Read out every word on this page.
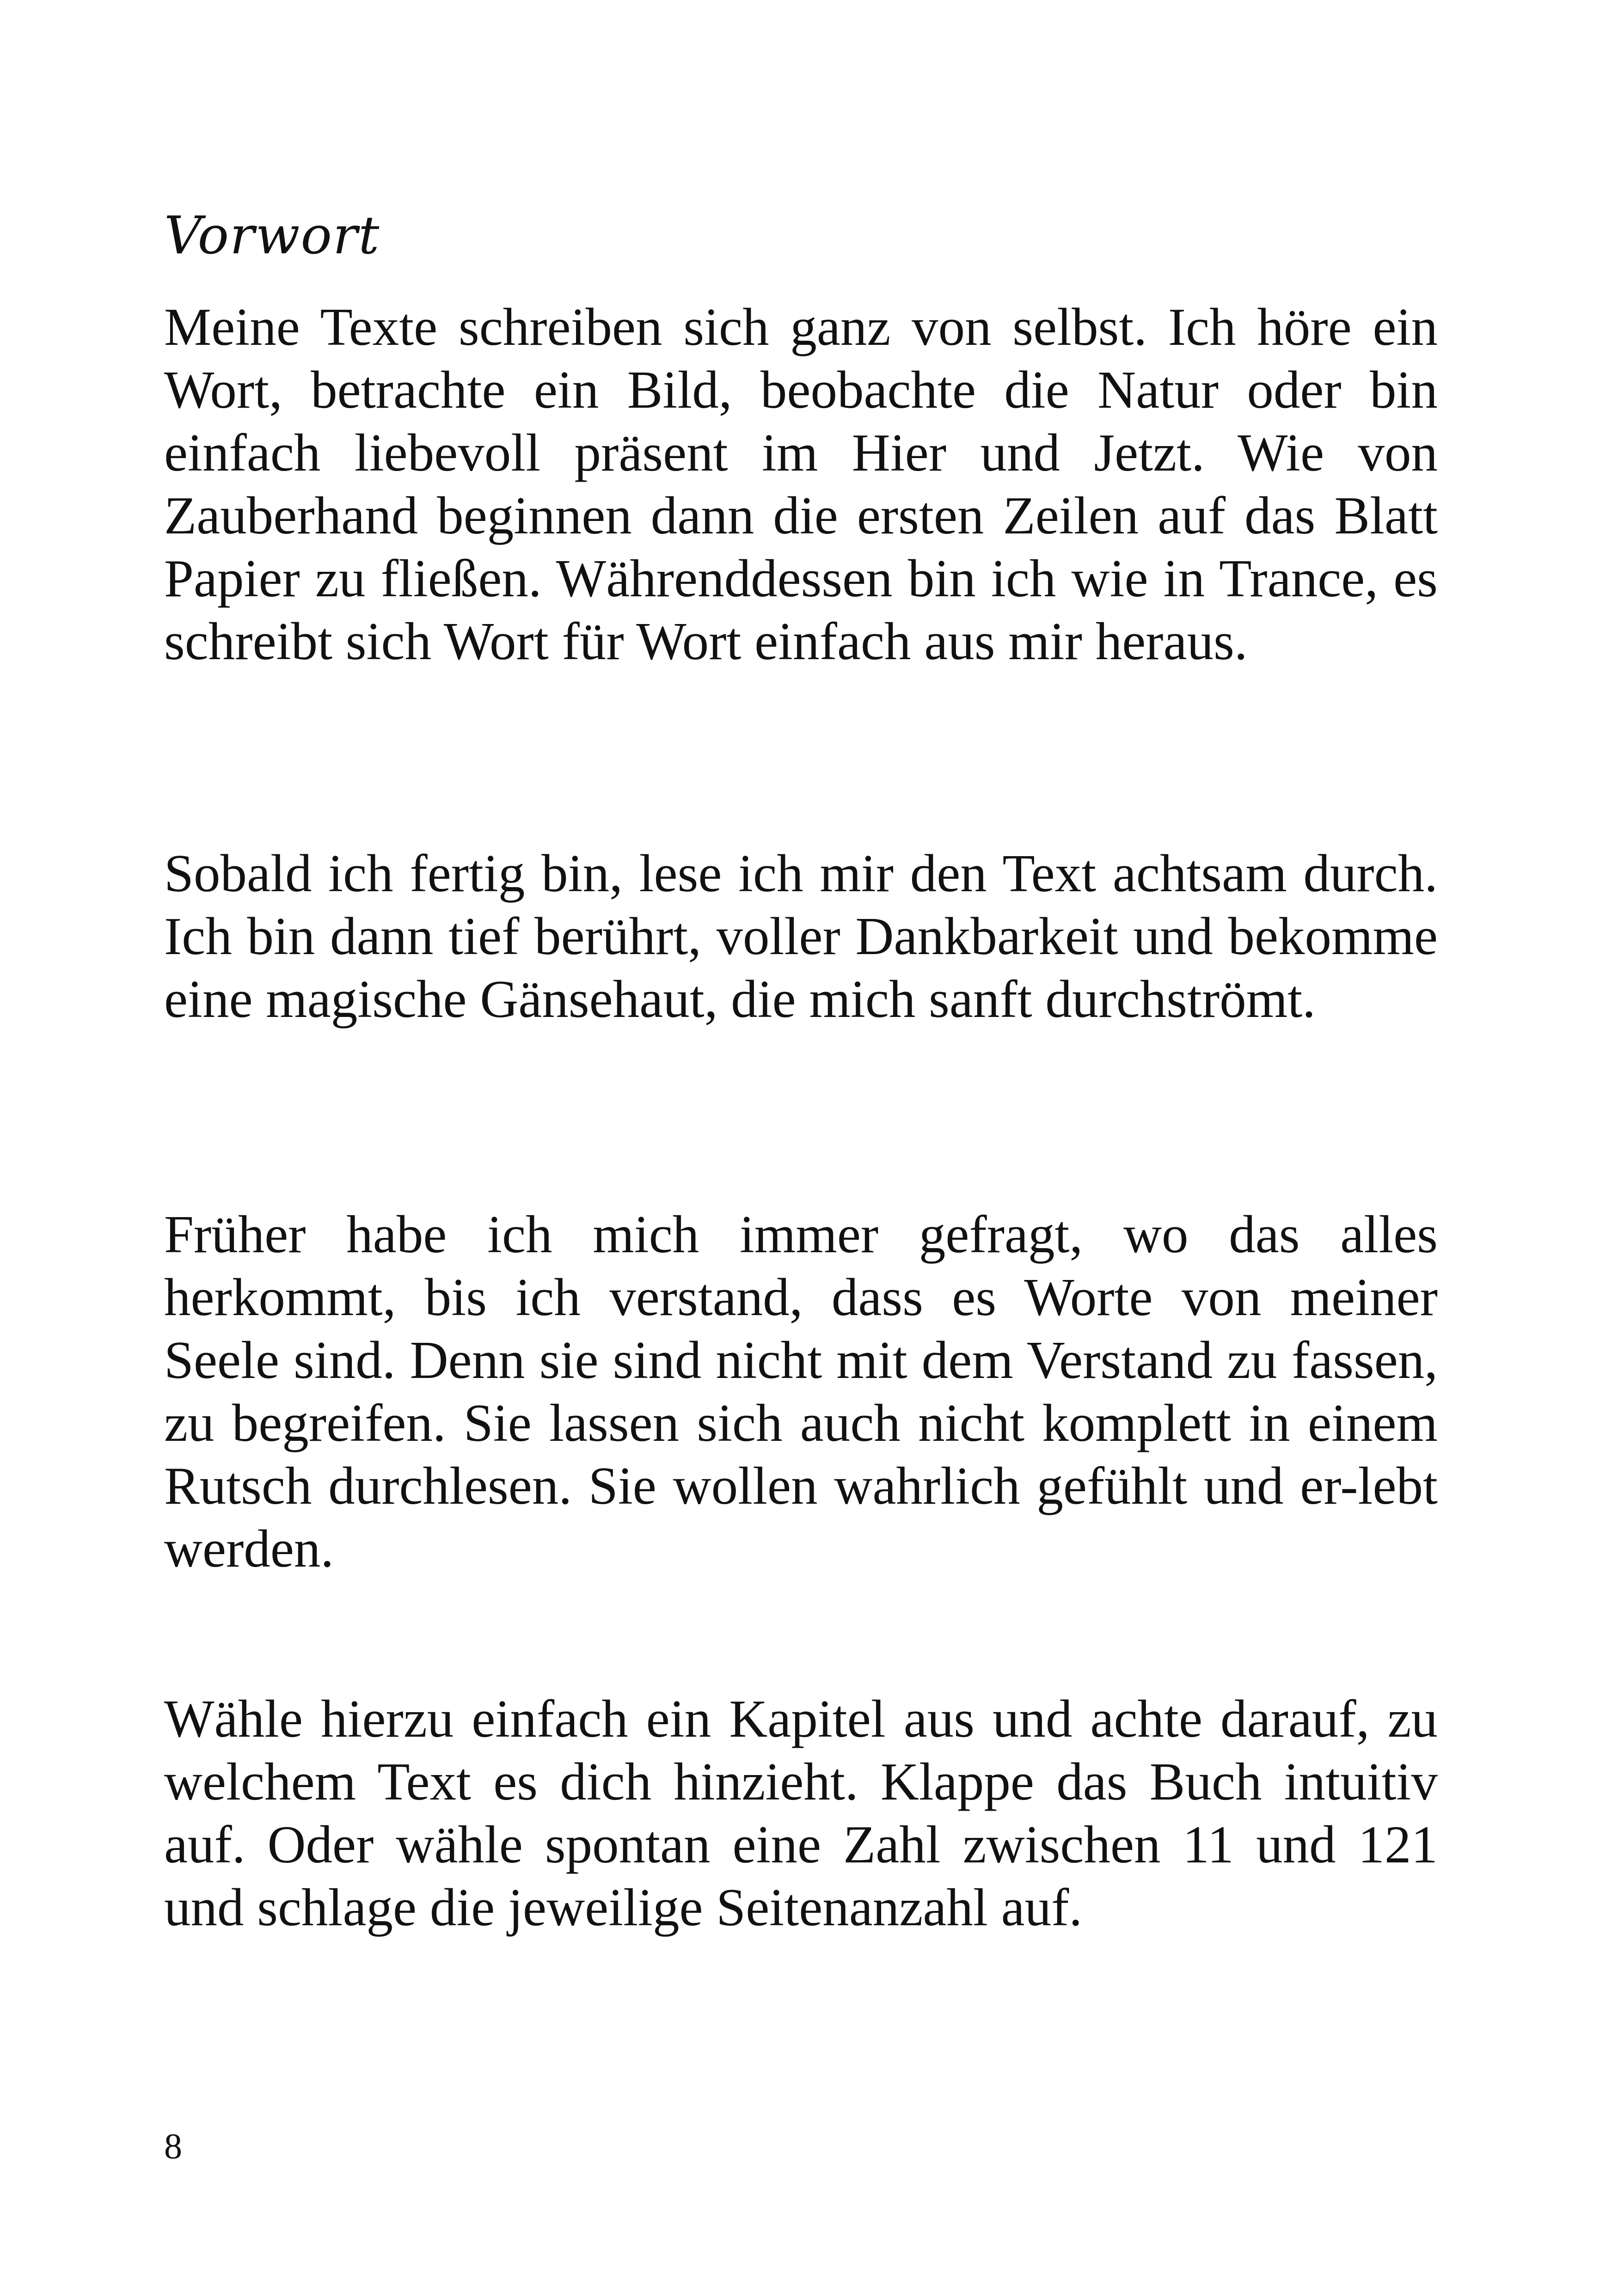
Vorwort

Meine Texte schreiben sich ganz von selbst. Ich höre ein Wort, betrachte ein Bild, beobachte die Natur oder bin einfach liebevoll präsent im Hier und Jetzt. Wie von Zauberhand beginnen dann die ersten Zeilen auf das Blatt Papier zu fließen. Währenddessen bin ich wie in Trance, es schreibt sich Wort für Wort einfach aus mir heraus.

Sobald ich fertig bin, lese ich mir den Text achtsam durch. Ich bin dann tief berührt, voller Dankbarkeit und bekomme eine magische Gänsehaut, die mich sanft durchströmt.

Früher habe ich mich immer gefragt, wo das alles herkommt, bis ich verstand, dass es Worte von meiner Seele sind. Denn sie sind nicht mit dem Verstand zu fassen, zu begreifen. Sie lassen sich auch nicht komplett in einem Rutsch durchlesen. Sie wollen wahrlich gefühlt und er-lebt werden.

Wähle hierzu einfach ein Kapitel aus und achte darauf, zu welchem Text es dich hinzieht. Klappe das Buch intuitiv auf. Oder wähle spontan eine Zahl zwischen 11 und 121 und schlage die jeweilige Seitenanzahl auf.

8
